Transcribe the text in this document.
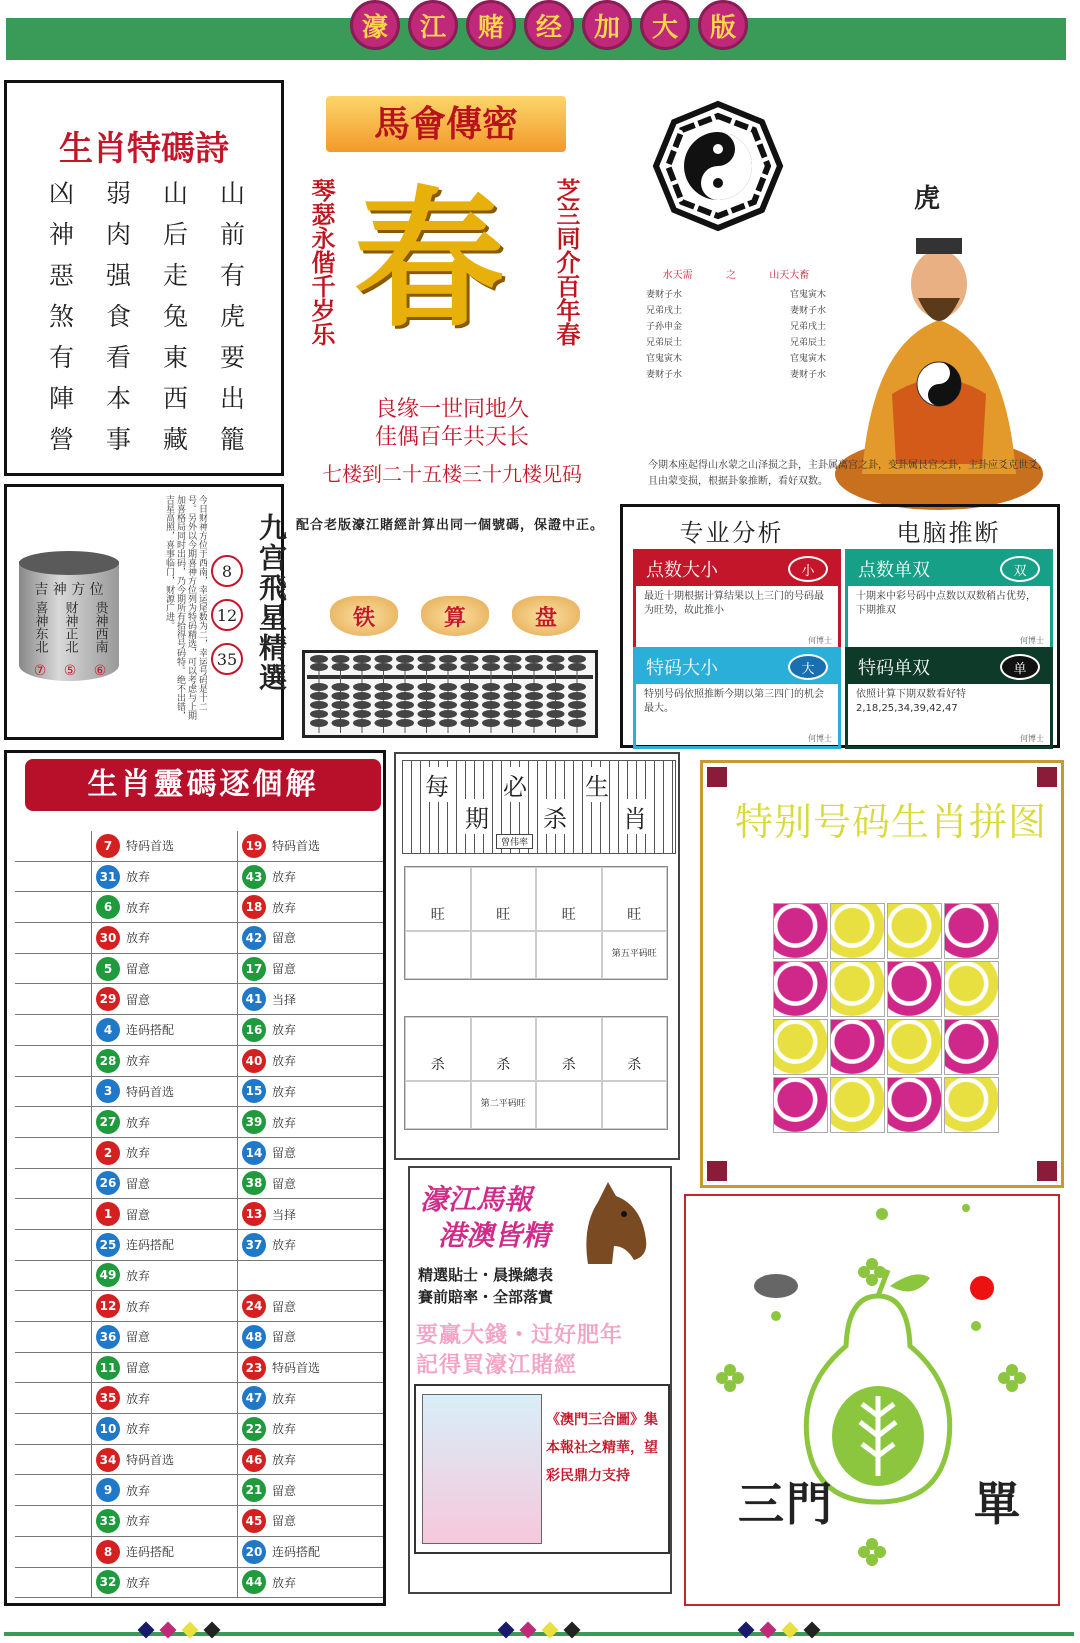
濠	江	赌	经	加	大	版
生肖特碼詩
凶	弱	山	山
神	肉	后	前
惡	强	走	有
煞	食	兔	虎
有	看	東	要
陣	本	西	出
營	事	藏	籠
今日财神方位于西南，幸运尾数为二，幸运号码是十二号。另外以今期喜神方位列为特码精选，可以考虑与上期加喜格局同时出码，乃今期所有拾得号码特。绝不出错，吉星高照，喜事临门，财源广进。
吉 神 方 位
喜神东北 财神正北 贵神西南
⑦ ⑤ ⑥
8
12
35 九宫飛星精選
馬會傳密
琴瑟永偕千岁乐 春 芝兰同介百年春
良缘一世同地久
佳偶百年共天长
七楼到二十五楼三十九楼见码
配合老版濠江賭經計算出同一個號碼，保證中正。
铁	算	盘
虎
水天需	之	山天大畜
妻财子水	官鬼寅木
兄弟戌土	妻财子水
子孙申金	兄弟戌土
兄弟辰土	兄弟辰土
官鬼寅木	官鬼寅木
妻财子水	妻财子水
今期本座起得山水蒙之山泽损之卦，主卦属离宫之卦，变卦属艮宫之卦，主卦应爻克世爻，且由蒙变损，根据卦象推断，看好双数。
专业分析	电脑推断
点数大小	小
最近十期根据计算结果以上三门的号码最为旺势，故此推小
何博士
点数单双	双
十期来中彩号码中点数以双数稍占优势，下期推双
何博士
特码大小	大
特别号码依照推断今期以第三四门的机会最大。
何博士
特码单双	单
依照计算下期双数看好特2,18,25,34,39,42,47
何博士
生肖靈碼逐個解
7	特码首选	19 特码首选
31 放弃	43 放弃
6	放弃	18 放弃
30 放弃	42 留意
5	留意	17 留意
29 留意	41 当择
4	连码搭配	16 放弃
28 放弃	40 放弃
3	特码首选	15 放弃
27 放弃	39 放弃
2	放弃	14 留意
26 留意	38 留意
1	留意	13 当择
25 连码搭配	37 放弃
49 放弃
12 放弃	24 留意
36 留意	48 留意
11 留意	23 特码首选
35 放弃	47 放弃
10 放弃	22 放弃
34 特码首选	46 放弃
9	放弃	21 留意
33 放弃	45 留意
8	连码搭配	20 连码搭配
32 放弃	44 放弃
每
期
必
杀
生
肖
曾伟率
旺	旺	旺	旺
第五平码旺
杀	杀	杀	杀
第二平码旺
特别号码生肖拼图
濠江馬報
港澳皆精
精選貼士・晨操總表
賽前賠率・全部落實
要赢大錢・过好肥年
記得買濠江賭經
《澳門三合圖》集本報社之精華，望彩民鼎力支持
三門	單
